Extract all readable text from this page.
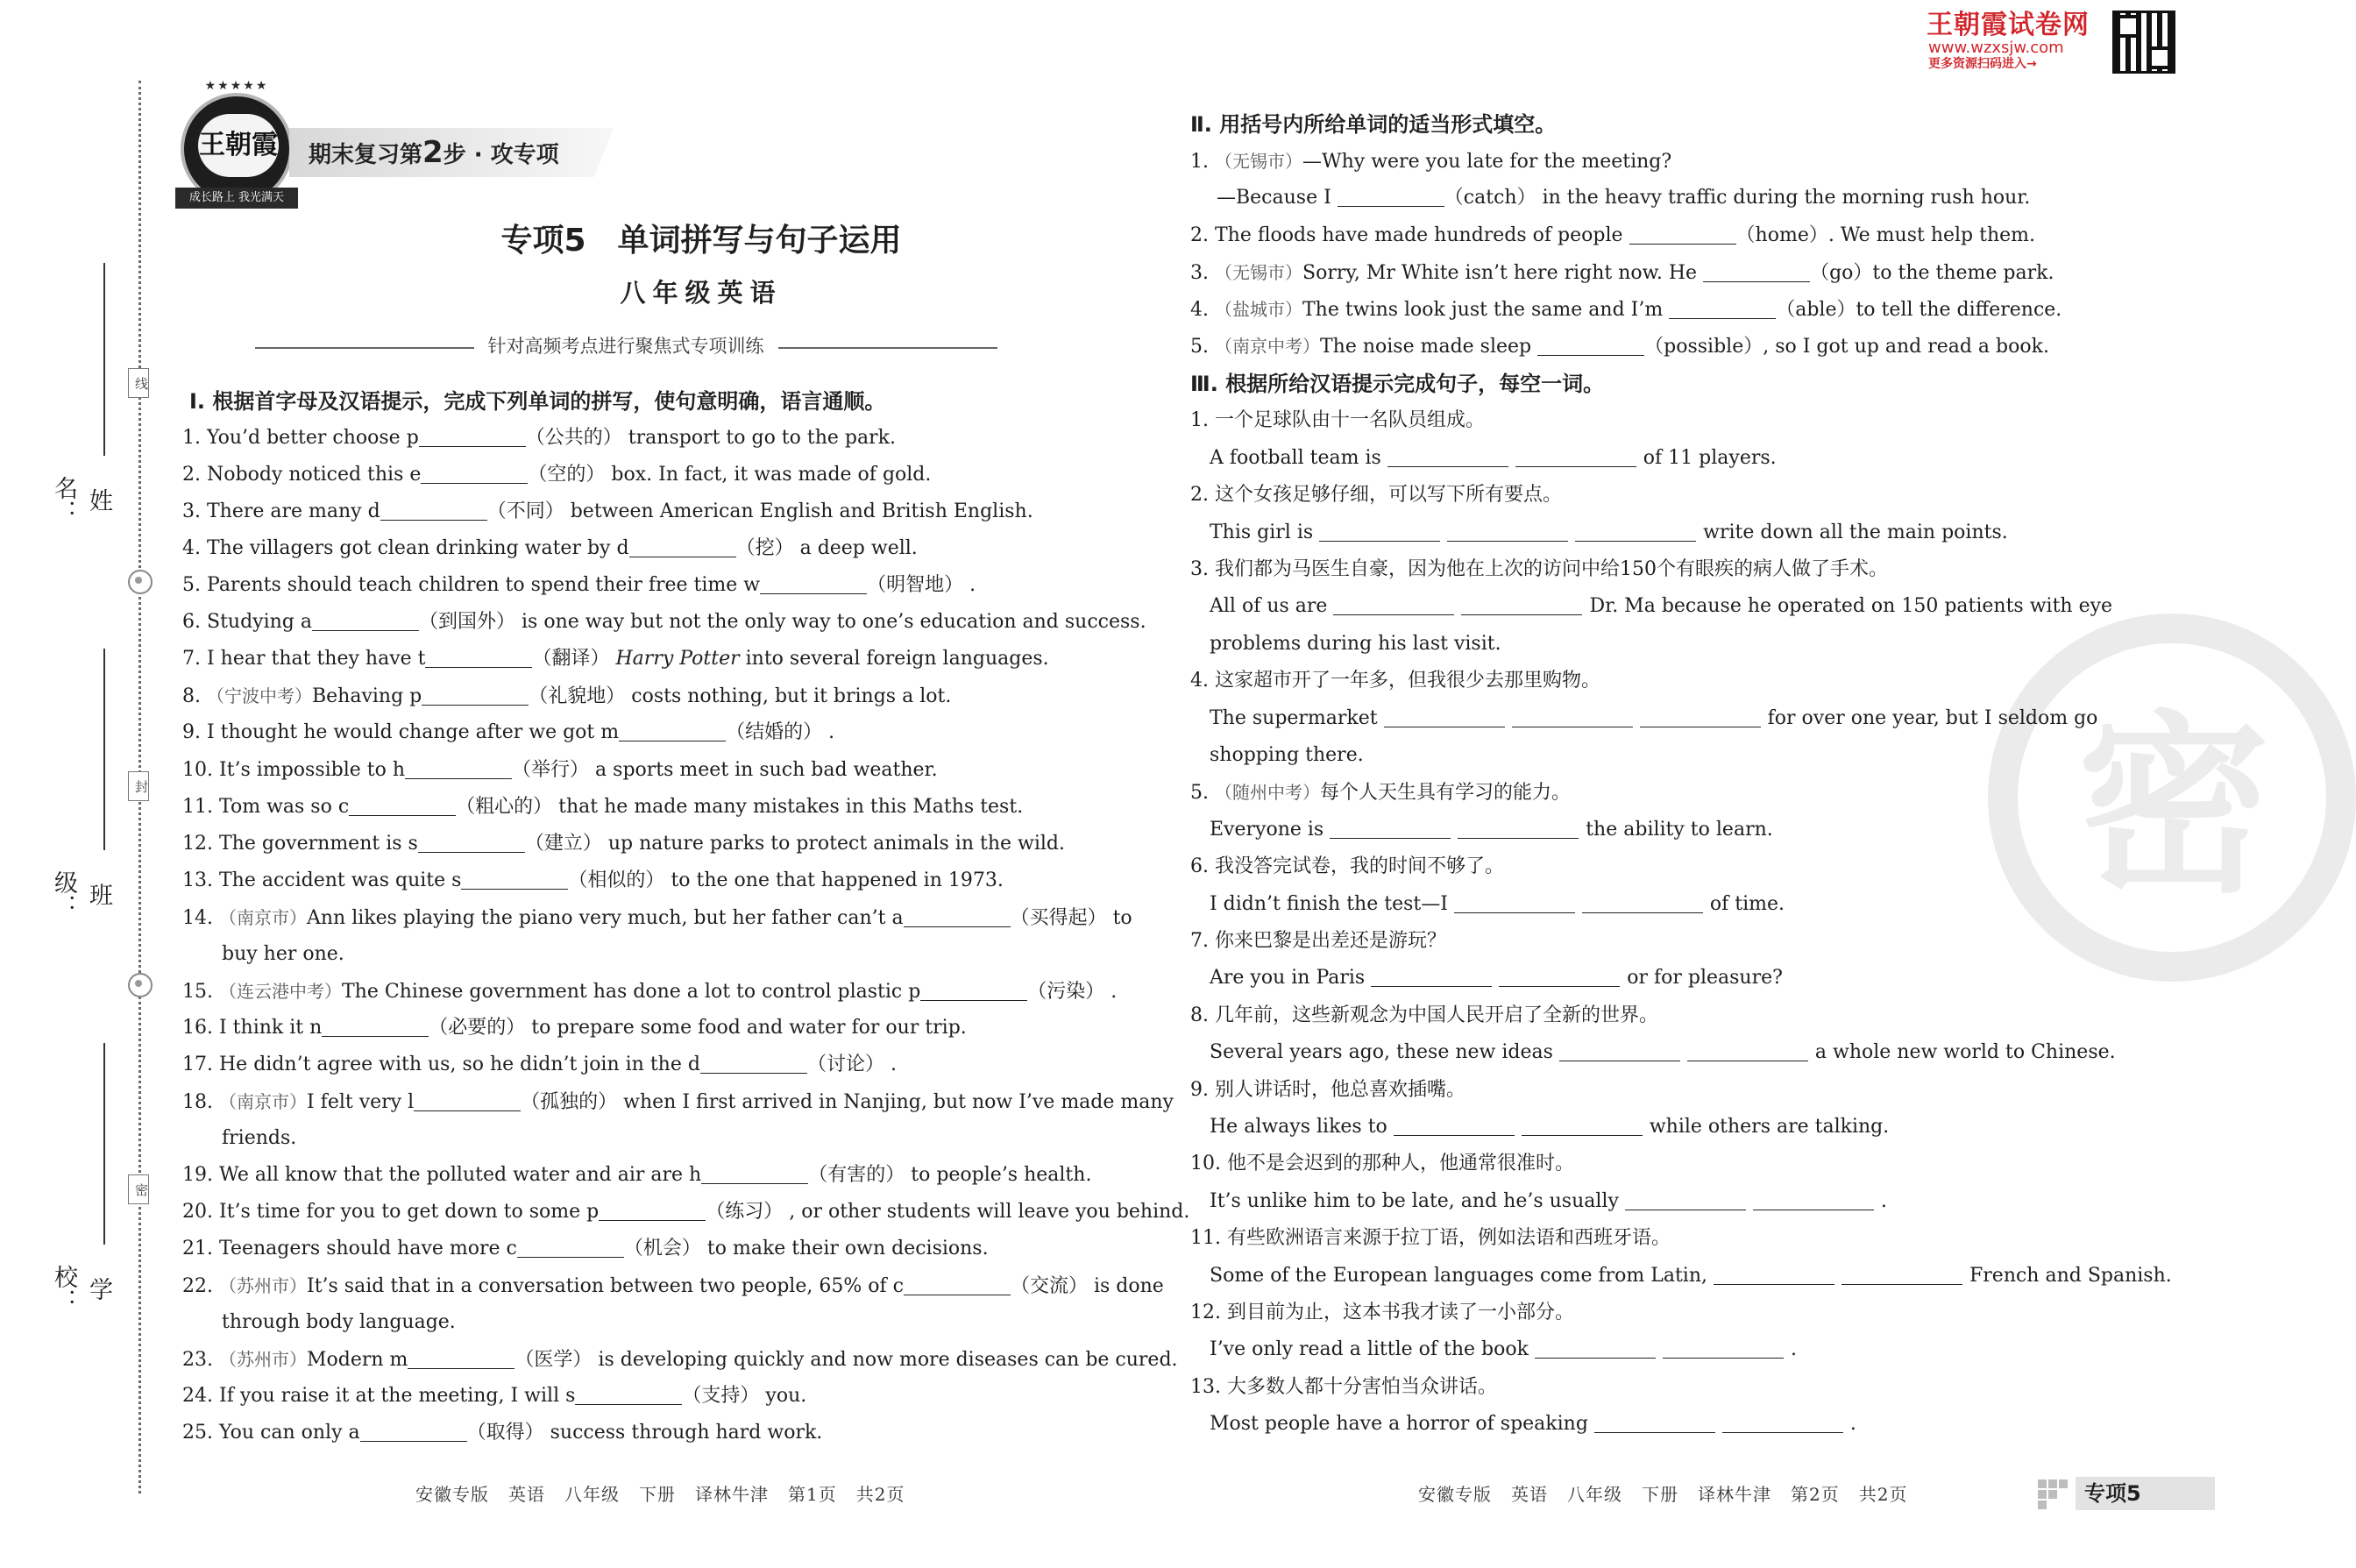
姓名：
班级：
学校：
线
封
密
★★★★★
王朝霞
成长路上 我光满天
期末复习第2步 · 攻专项
王朝霞试卷网
www.wzxsjw.com
更多资源扫码进入→
密
专项5　单词拼写与句子运用
八年级英语
针对高频考点进行聚焦式专项训练
Ⅰ. 根据首字母及汉语提示，完成下列单词的拼写，使句意明确，语言通顺。
1. You’d better choose p	（公共的） transport to go to the park.
2. Nobody noticed this e	（空的） box. In fact, it was made of gold.
3. There are many d	（不同） between American English and British English.
4. The villagers got clean drinking water by d	（挖） a deep well.
5. Parents should teach children to spend their free time w	（明智地） .
6. Studying a	（到国外） is one way but not the only way to one’s education and success.
7. I hear that they have t	（翻译） Harry Potter into several foreign languages.
8. （宁波中考）Behaving p	（礼貌地） costs nothing, but it brings a lot.
9. I thought he would change after we got m	（结婚的） .
10. It’s impossible to h	（举行） a sports meet in such bad weather.
11. Tom was so c	（粗心的） that he made many mistakes in this Maths test.
12. The government is s	（建立） up nature parks to protect animals in the wild.
13. The accident was quite s	（相似的） to the one that happened in 1973.
14. （南京市）Ann likes playing the piano very much, but her father can’t a	（买得起） to
buy her one.
15. （连云港中考）The Chinese government has done a lot to control plastic p	（污染） .
16. I think it n	（必要的） to prepare some food and water for our trip.
17. He didn’t agree with us, so he didn’t join in the d	（讨论） .
18. （南京市）I felt very l	（孤独的） when I first arrived in Nanjing, but now I’ve made many
friends.
19. We all know that the polluted water and air are h	（有害的） to people’s health.
20. It’s time for you to get down to some p	（练习） , or other students will leave you behind.
21. Teenagers should have more c	（机会） to make their own decisions.
22. （苏州市）It’s said that in a conversation between two people, 65% of c	（交流） is done
through body language.
23. （苏州市）Modern m	（医学） is developing quickly and now more diseases can be cured.
24. If you raise it at the meeting, I will s	（支持） you.
25. You can only a	（取得） success through hard work.
Ⅱ. 用括号内所给单词的适当形式填空。
1. （无锡市）—Why were you late for the meeting?
—Because I	（catch） in the heavy traffic during the morning rush hour.
2. The floods have made hundreds of people	（home）. We must help them.
3. （无锡市）Sorry, Mr White isn’t here right now. He	（go）to the theme park.
4. （盐城市）The twins look just the same and I’m	（able）to tell the difference.
5. （南京中考）The noise made sleep	（possible）, so I got up and read a book.
Ⅲ. 根据所给汉语提示完成句子，每空一词。
1. 一个足球队由十一名队员组成。
A football team is	of 11 players.
2. 这个女孩足够仔细，可以写下所有要点。
This girl is	write down all the main points.
3. 我们都为马医生自豪，因为他在上次的访问中给150个有眼疾的病人做了手术。
All of us are	Dr. Ma because he operated on 150 patients with eye
problems during his last visit.
4. 这家超市开了一年多，但我很少去那里购物。
The supermarket	for over one year, but I seldom go
shopping there.
5. （随州中考）每个人天生具有学习的能力。
Everyone is	the ability to learn.
6. 我没答完试卷，我的时间不够了。
I didn’t finish the test—I	of time.
7. 你来巴黎是出差还是游玩？
Are you in Paris	or for pleasure?
8. 几年前，这些新观念为中国人民开启了全新的世界。
Several years ago, these new ideas	a whole new world to Chinese.
9. 别人讲话时，他总喜欢插嘴。
He always likes to	while others are talking.
10. 他不是会迟到的那种人，他通常很准时。
It’s unlike him to be late, and he’s usually	.
11. 有些欧洲语言来源于拉丁语，例如法语和西班牙语。
Some of the European languages come from Latin,	French and Spanish.
12. 到目前为止，这本书我才读了一小部分。
I’ve only read a little of the book	.
13. 大多数人都十分害怕当众讲话。
Most people have a horror of speaking	.
安徽专版 英语 八年级 下册 译林牛津 第1页 共2页	安徽专版 英语 八年级 下册 译林牛津 第2页 共2页	专项5
